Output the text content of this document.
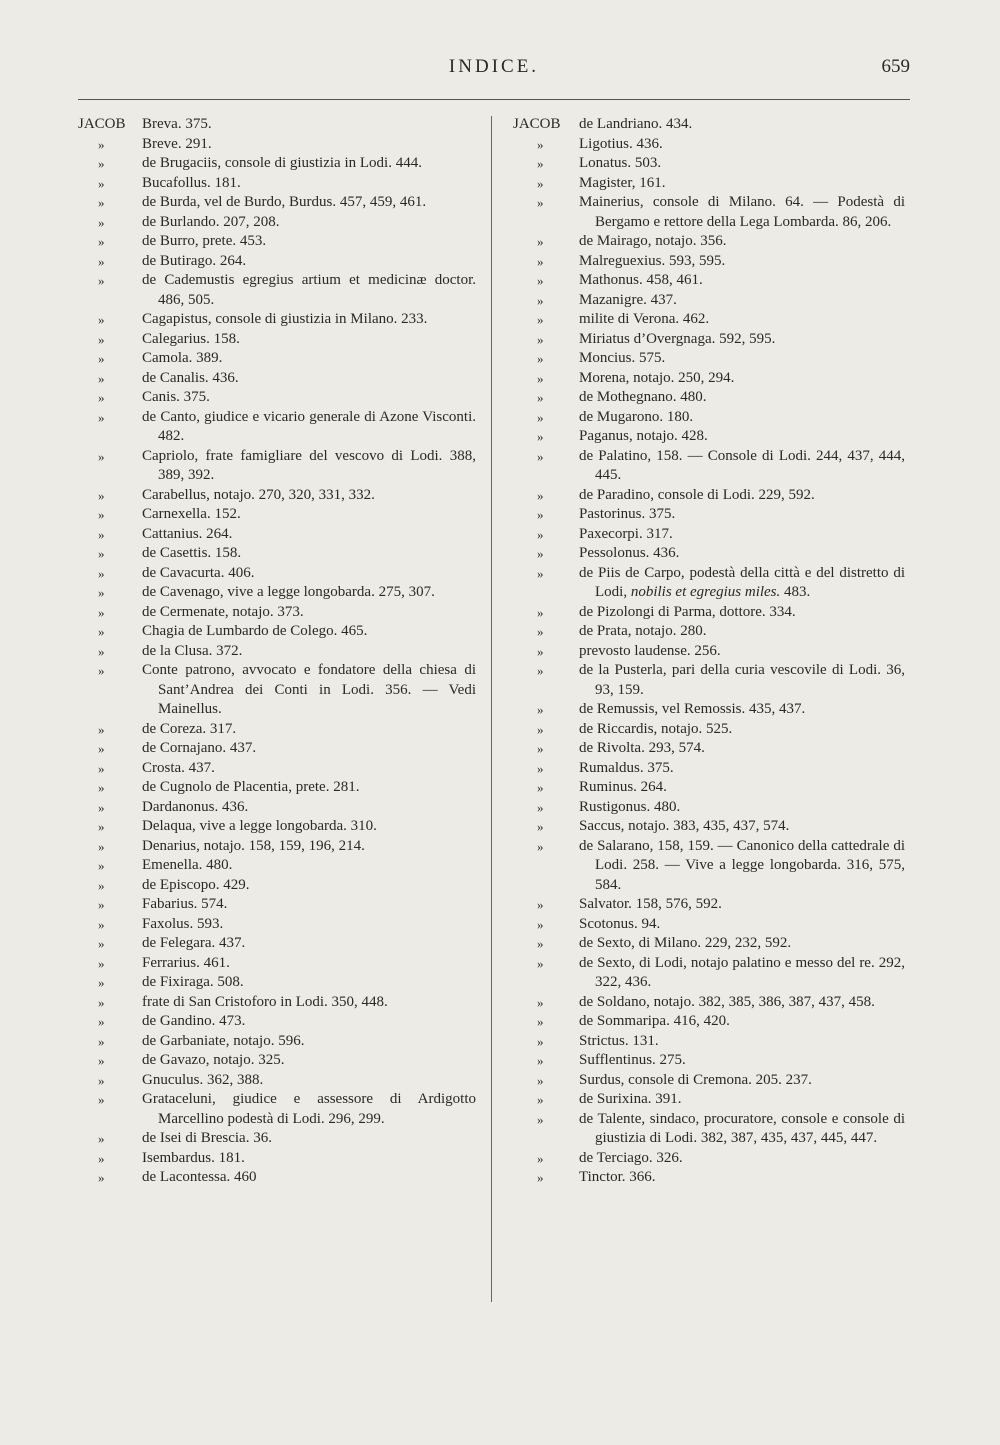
INDICE.	659
JACOB Breva. 375.
»	Breve. 291.
»	de Brugaciis, console di giustizia in Lodi. 444.
»	Bucafollus. 181.
»	de Burda, vel de Burdo, Burdus. 457, 459, 461.
»	de Burlando. 207, 208.
»	de Burro, prete. 453.
»	de Butirago. 264.
»	de Cademustis egregius artium et medicinæ doctor. 486, 505.
»	Cagapistus, console di giustizia in Milano. 233.
»	Calegarius. 158.
»	Camola. 389.
»	de Canalis. 436.
»	Canis. 375.
»	de Canto, giudice e vicario generale di Azone Visconti. 482.
»	Capriolo, frate famigliare del vescovo di Lodi. 388, 389, 392.
»	Carabellus, notajo. 270, 320, 331, 332.
»	Carnexella. 152.
»	Cattanius. 264.
»	de Casettis. 158.
»	de Cavacurta. 406.
»	de Cavenago, vive a legge longobarda. 275, 307.
»	de Cermenate, notajo. 373.
»	Chagia de Lumbardo de Colego. 465.
»	de la Clusa. 372.
»	Conte patrono, avvocato e fondatore della chiesa di Sant’Andrea dei Conti in Lodi. 356. — Vedi Mainellus.
»	de Coreza. 317.
»	de Cornajano. 437.
»	Crosta. 437.
»	de Cugnolo de Placentia, prete. 281.
»	Dardanonus. 436.
»	Delaqua, vive a legge longobarda. 310.
»	Denarius, notajo. 158, 159, 196, 214.
»	Emenella. 480.
»	de Episcopo. 429.
»	Fabarius. 574.
»	Faxolus. 593.
»	de Felegara. 437.
»	Ferrarius. 461.
»	de Fixiraga. 508.
»	frate di San Cristoforo in Lodi. 350, 448.
»	de Gandino. 473.
»	de Garbaniate, notajo. 596.
»	de Gavazo, notajo. 325.
»	Gnuculus. 362, 388.
»	Grataceluni, giudice e assessore di Ardigotto Marcellino podestà di Lodi. 296, 299.
»	de Isei di Brescia. 36.
»	Isembardus. 181.
»	de Lacontessa. 460
JACOB de Landriano. 434.
»	Ligotius. 436.
»	Lonatus. 503.
»	Magister, 161.
»	Mainerius, console di Milano. 64. — Podestà di Bergamo e rettore della Lega Lombarda. 86, 206.
»	de Mairago, notajo. 356.
»	Malreguexius. 593, 595.
»	Mathonus. 458, 461.
»	Mazanigre. 437.
»	milite di Verona. 462.
»	Miriatus d’Overgnaga. 592, 595.
»	Moncius. 575.
»	Morena, notajo. 250, 294.
»	de Mothegnano. 480.
»	de Mugarono. 180.
»	Paganus, notajo. 428.
»	de Palatino, 158. — Console di Lodi. 244, 437, 444, 445.
»	de Paradino, console di Lodi. 229, 592.
»	Pastorinus. 375.
»	Paxecorpi. 317.
»	Pessolonus. 436.
»	de Piis de Carpo, podestà della città e del distretto di Lodi, nobilis et egregius miles. 483.
»	de Pizolongi di Parma, dottore. 334.
»	de Prata, notajo. 280.
»	prevosto laudense. 256.
»	de la Pusterla, pari della curia vescovile di Lodi. 36, 93, 159.
»	de Remussis, vel Remossis. 435, 437.
»	de Riccardis, notajo. 525.
»	de Rivolta. 293, 574.
»	Rumaldus. 375.
»	Ruminus. 264.
»	Rustigonus. 480.
»	Saccus, notajo. 383, 435, 437, 574.
»	de Salarano, 158, 159. — Canonico della cattedrale di Lodi. 258. — Vive a legge longobarda. 316, 575, 584.
»	Salvator. 158, 576, 592.
»	Scotonus. 94.
»	de Sexto, di Milano. 229, 232, 592.
»	de Sexto, di Lodi, notajo palatino e messo del re. 292, 322, 436.
»	de Soldano, notajo. 382, 385, 386, 387, 437, 458.
»	de Sommaripa. 416, 420.
»	Strictus. 131.
»	Sufflentinus. 275.
»	Surdus, console di Cremona. 205. 237.
»	de Surixina. 391.
»	de Talente, sindaco, procuratore, console e console di giustizia di Lodi. 382, 387, 435, 437, 445, 447.
»	de Terciago. 326.
»	Tinctor. 366.
